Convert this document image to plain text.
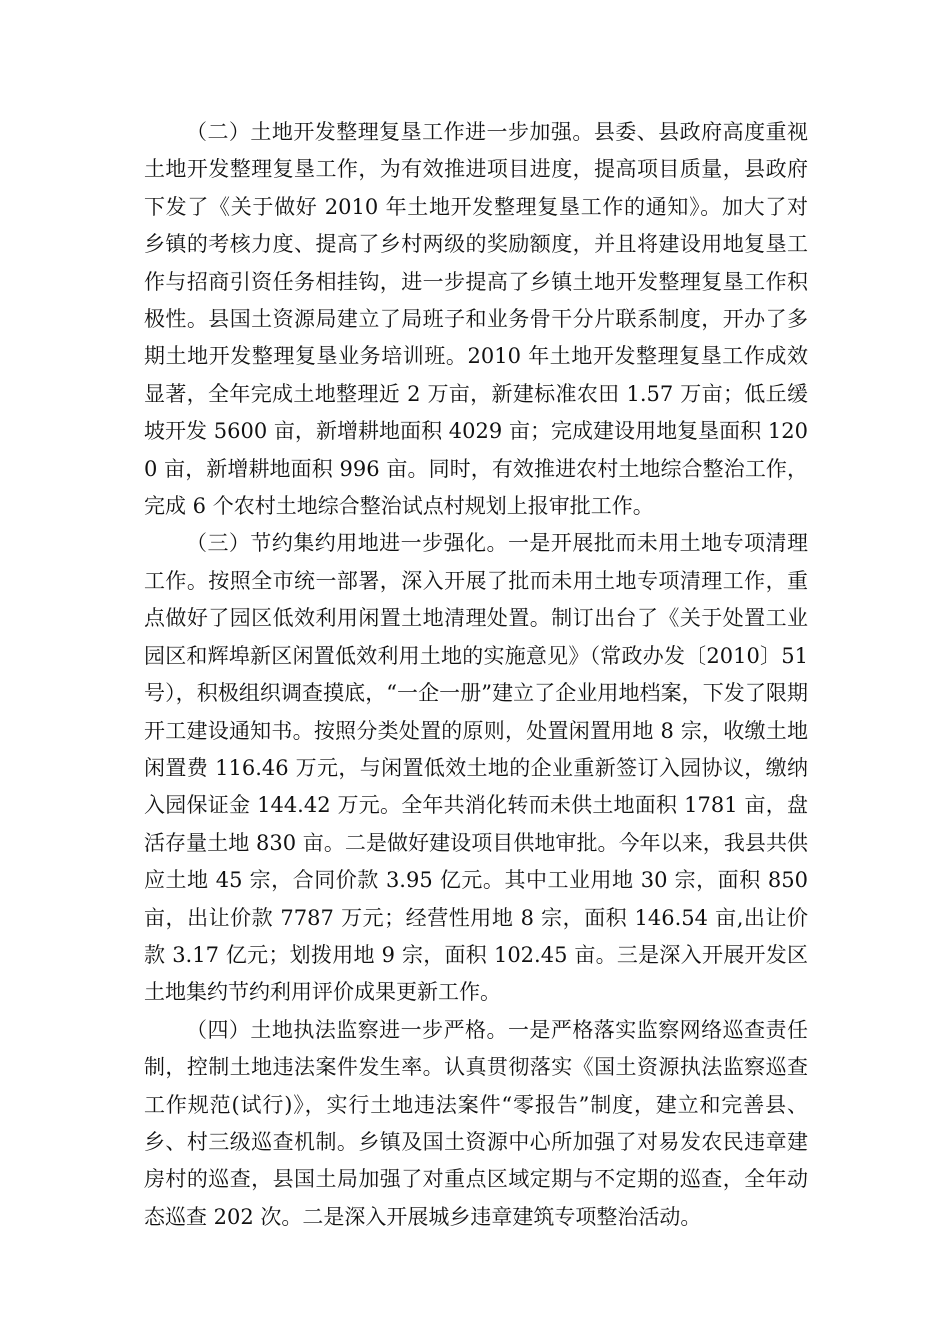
（二）土地开发整理复垦工作进一步加强。县委、县政府高度重视土地开发整理复垦工作，为有效推进项目进度，提高项目质量，县政府下发了《关于做好 2010 年土地开发整理复垦工作的通知》。加大了对乡镇的考核力度、提高了乡村两级的奖励额度，并且将建设用地复垦工作与招商引资任务相挂钩，进一步提高了乡镇土地开发整理复垦工作积极性。县国土资源局建立了局班子和业务骨干分片联系制度，开办了多期土地开发整理复垦业务培训班。2010 年土地开发整理复垦工作成效显著，全年完成土地整理近 2 万亩，新建标准农田 1.57 万亩；低丘缓坡开发 5600 亩，新增耕地面积 4029 亩；完成建设用地复垦面积 1200 亩，新增耕地面积 996 亩。同时，有效推进农村土地综合整治工作，完成 6 个农村土地综合整治试点村规划上报审批工作。

（三）节约集约用地进一步强化。一是开展批而未用土地专项清理工作。按照全市统一部署，深入开展了批而未用土地专项清理工作，重点做好了园区低效利用闲置土地清理处置。制订出台了《关于处置工业园区和辉埠新区闲置低效利用土地的实施意见》（常政办发〔2010〕51 号），积极组织调查摸底，“一企一册”建立了企业用地档案，下发了限期开工建设通知书。按照分类处置的原则，处置闲置用地 8 宗，收缴土地闲置费 116.46 万元，与闲置低效土地的企业重新签订入园协议，缴纳入园保证金 144.42 万元。全年共消化转而未供土地面积 1781 亩，盘活存量土地 830 亩。二是做好建设项目供地审批。今年以来，我县共供应土地 45 宗，合同价款 3.95 亿元。其中工业用地 30 宗，面积 850 亩，出让价款 7787 万元；经营性用地 8 宗，面积 146.54 亩,出让价款 3.17 亿元；划拨用地 9 宗，面积 102.45 亩。三是深入开展开发区土地集约节约利用评价成果更新工作。

（四）土地执法监察进一步严格。一是严格落实监察网络巡查责任制，控制土地违法案件发生率。认真贯彻落实《国土资源执法监察巡查工作规范(试行)》，实行土地违法案件“零报告”制度，建立和完善县、乡、村三级巡查机制。乡镇及国土资源中心所加强了对易发农民违章建房村的巡查，县国土局加强了对重点区域定期与不定期的巡查，全年动态巡查 202 次。二是深入开展城乡违章建筑专项整治活动。
